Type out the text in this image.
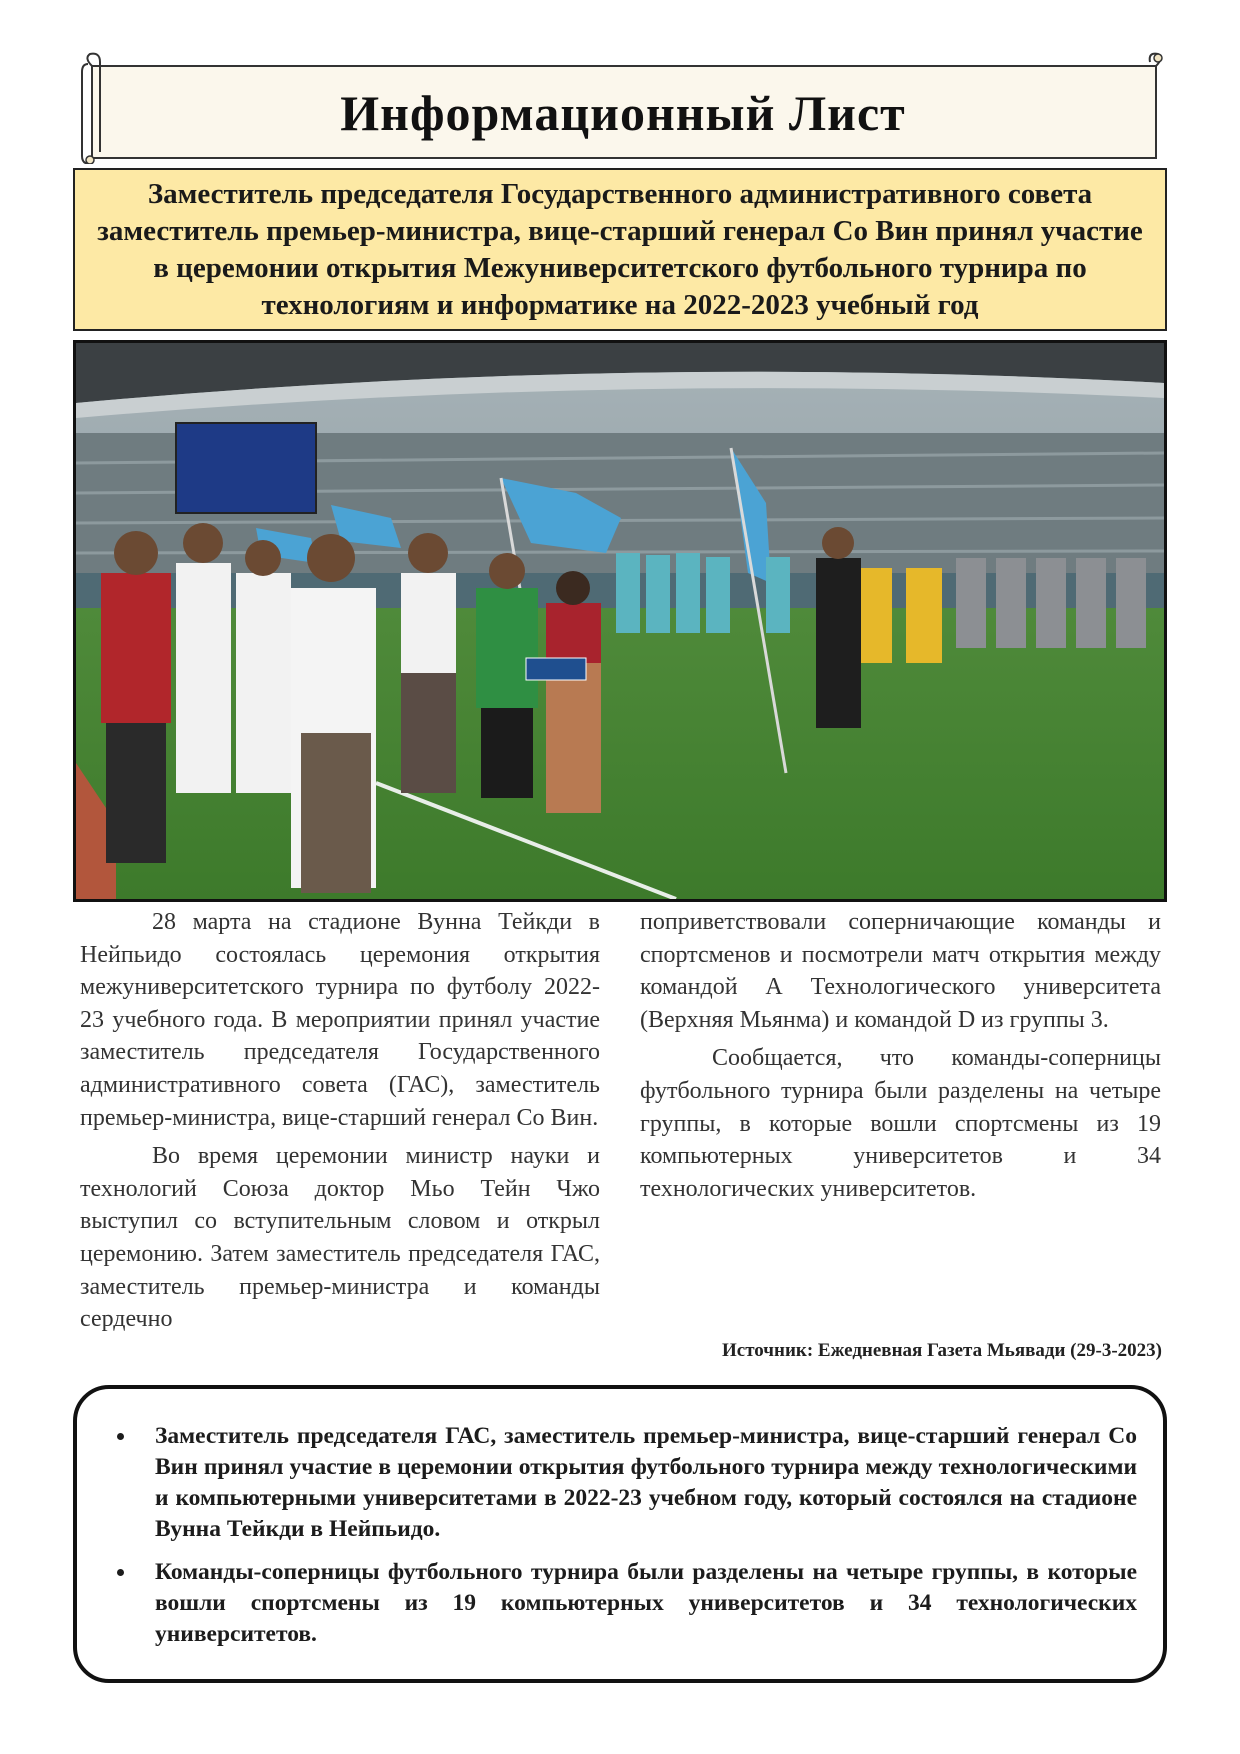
Информационный Лист
Заместитель председателя Государственного административного совета заместитель премьер-министра, вице-старший генерал Со Вин принял участие в церемонии открытия Межуниверситетского футбольного турнира по технологиям и информатике на 2022-2023 учебный год

28 марта на стадионе Вунна Тейкди в Нейпьидо состоялась церемония открытия межуниверситетского турнира по футболу 2022-23 учебного года. В мероприятии принял участие заместитель председателя Государственного административного совета (ГАС), заместитель премьер-министра, вице-старший генерал Со Вин.

Во время церемонии министр науки и технологий Союза доктор Мьо Тейн Чжо выступил со вступительным словом и открыл церемонию. Затем заместитель председателя ГАС, заместитель премьер-министра и команды сердечно

поприветствовали соперничающие команды и спортсменов и посмотрели матч открытия между командой А Технологического университета (Верхняя Мьянма) и командой D из группы 3.

Сообщается, что команды-соперницы футбольного турнира были разделены на четыре группы, в которые вошли спортсмены из 19 компьютерных университетов и 34 технологических университетов.

Источник: Ежедневная Газета Мьявади (29-3-2023)
• Заместитель председателя ГАС, заместитель премьер-министра, вице-старший генерал Со Вин принял участие в церемонии открытия футбольного турнира между технологическими и компьютерными университетами в 2022-23 учебном году, который состоялся на стадионе Вунна Тейкди в Нейпьидо.
• Команды-соперницы футбольного турнира были разделены на четыре группы, в которые вошли спортсмены из 19 компьютерных университетов и 34 технологических университетов.
